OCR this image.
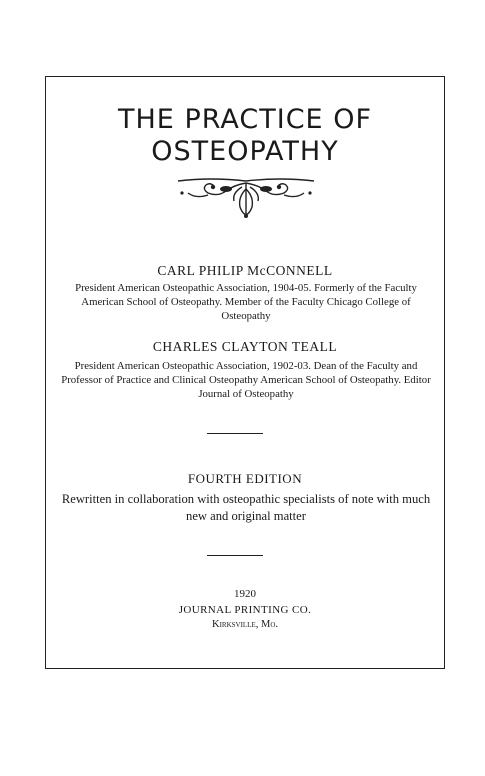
THE PRACTICE OF
OSTEOPATHY
CARL PHILIP McCONNELL
President American Osteopathic Association, 1904-05. Formerly of the Faculty American School of Osteopathy. Member of the Faculty Chicago College of Osteopathy
CHARLES CLAYTON TEALL
President American Osteopathic Association, 1902-03. Dean of the Faculty and Professor of Practice and Clinical Osteopathy American School of Osteopathy. Editor Journal of Osteopathy
FOURTH EDITION
Rewritten in collaboration with osteopathic specialists of note with much new and original matter
1920
JOURNAL PRINTING CO.
Kirksville, Mo.
